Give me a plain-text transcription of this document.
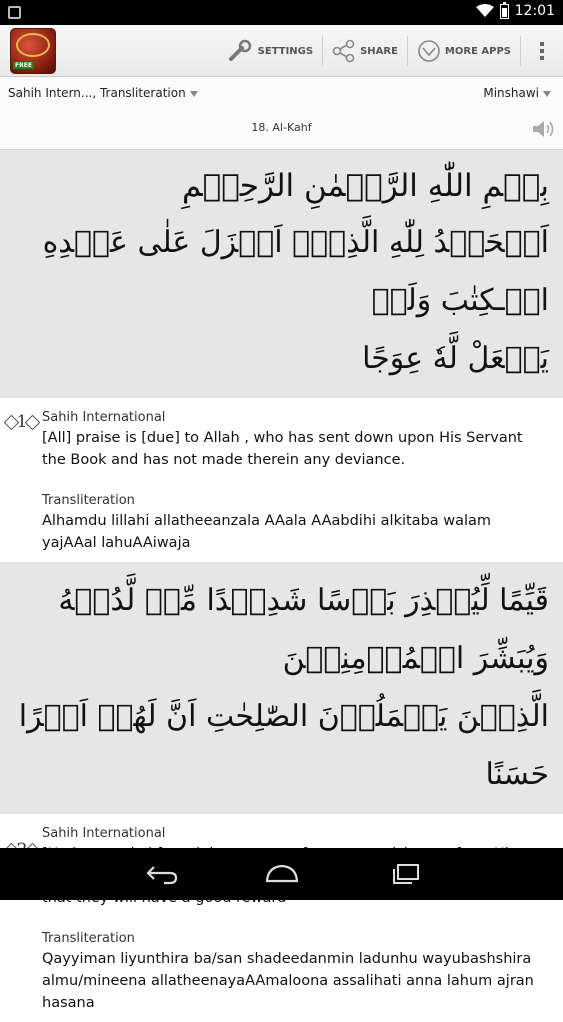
12:01
FREE
SETTINGS	SHARE	MORE APPS
Sahih Intern..., Transliteration	Minshawi
18. Al-Kahf
بِسۡمِ اللّٰهِ الرَّحۡمٰنِ الرَّحِيۡمِ
اَلۡحَمۡدُ لِلّٰهِ الَّذِىۡۤ اَنۡزَلَ عَلٰى عَبۡدِهِ الۡـكِتٰبَ وَلَمۡ
يَجۡعَلْ لَّهٗ عِوَجًا
1	Sahih International
[All] praise is [due] to Allah , who has sent down upon His Servant the Book and has not made therein any deviance.
Transliteration
Alhamdu lillahi allatheeanzala AAala AAabdihi alkitaba walam yajAAal lahuAAiwaja
قَيِّمًا لِّيُنۡذِرَ بَاۡسًا شَدِيۡدًا مِّنۡ لَّدُنۡهُ وَيُبَشِّرَ الۡمُؤۡمِنِيۡنَ
الَّذِيۡنَ يَعۡمَلُوۡنَ الصّٰلِحٰتِ اَنَّ لَهُمۡ اَجۡرًا حَسَنًا
Sahih International
Transliteration
Qayyiman liyunthira ba/san shadeedanmin ladunhu wayubashshira almu/mineena allatheenayaAAmaloona assalihati anna lahum ajran hasana
